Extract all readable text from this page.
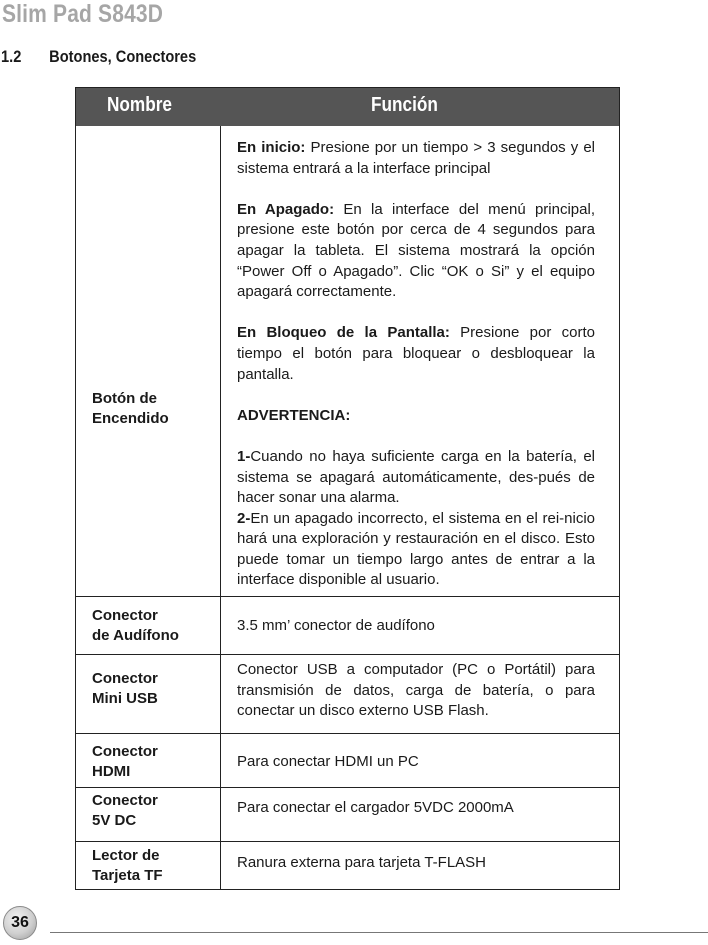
Slim Pad S843D
1.2 Botones, Conectores
Nombre	Función
Botón de
Encendido

En inicio: Presione por un tiempo > 3 segundos y el sistema entrará a la interface principal

En Apagado: En la interface del menú principal, presione este botón por cerca de 4 segundos para apagar la tableta. El sistema mostrará la opción “Power Off o Apagado”. Clic “OK o Si” y el equipo apagará correctamente.

En Bloqueo de la Pantalla: Presione por corto tiempo el botón para bloquear o desbloquear la pantalla.

ADVERTENCIA:

1-Cuando no haya suficiente carga en la batería, el sistema se apagará automáticamente, des-pués de hacer sonar una alarma.

2-En un apagado incorrecto, el sistema en el rei-nicio hará una exploración y restauración en el disco. Esto puede tomar un tiempo largo antes de entrar a la interface disponible al usuario.

Conector
de Audífono
3.5 mm’ conector de audífono
Conector
Mini USB
Conector USB a computador (PC o Portátil) para transmisión de datos, carga de batería, o para conectar un disco externo USB Flash.
Conector
HDMI
Para conectar HDMI un PC
Conector
5V DC
Para conectar el cargador 5VDC 2000mA
Lector de
Tarjeta TF
Ranura externa para tarjeta T-FLASH
36
